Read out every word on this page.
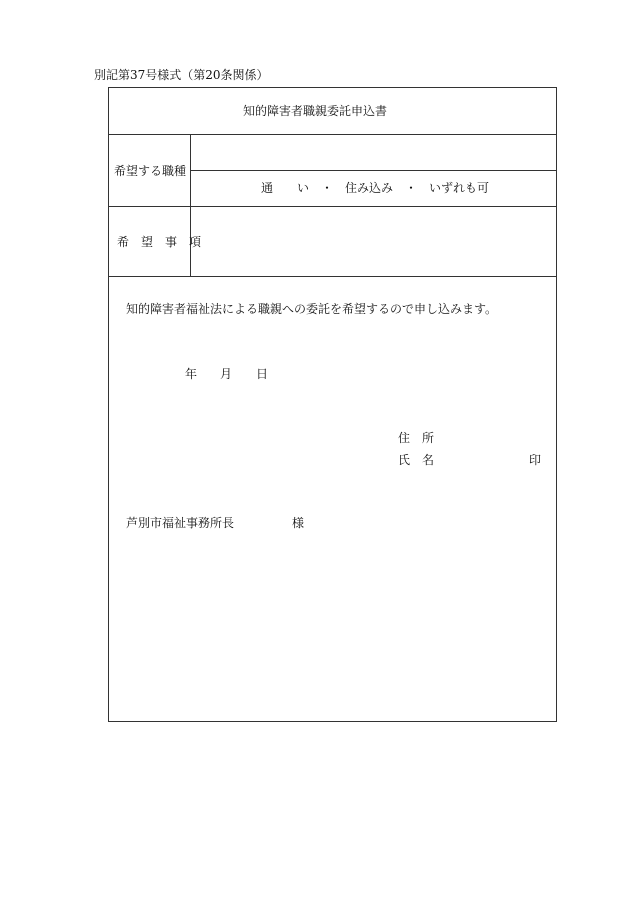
別記第37号様式（第20条関係）
知的障害者職親委託申込書
希望する職種
通　　い　・　住み込み　・　いずれも可
希　望　事　項
知的障害者福祉法による職親への委託を希望するので申し込みます。
年 月 日
住　所
氏　名	印
芦別市福祉事務所長	様
